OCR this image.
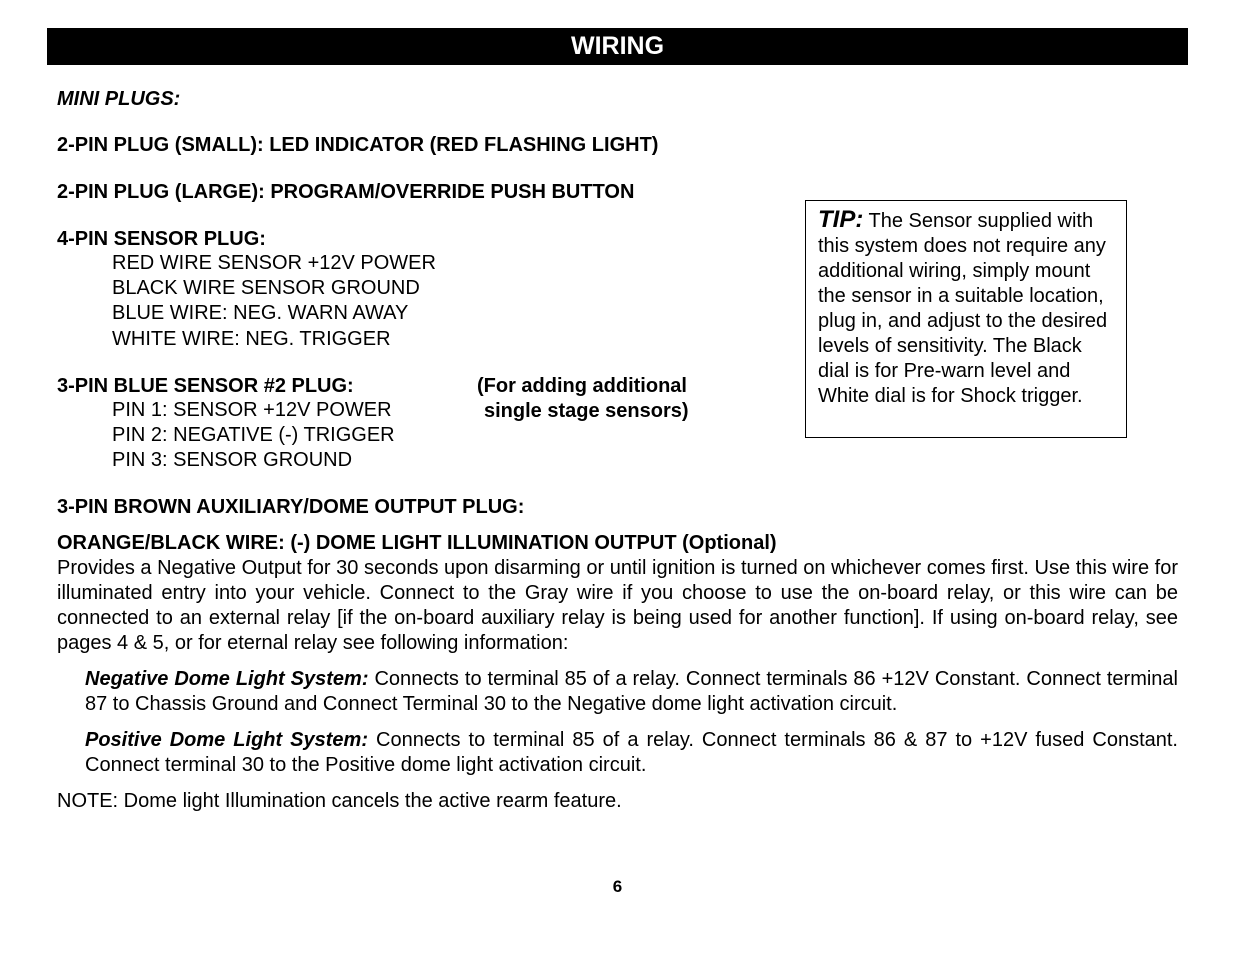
WIRING
MINI PLUGS:
2-PIN PLUG (SMALL): LED INDICATOR (RED FLASHING LIGHT)
2-PIN PLUG (LARGE): PROGRAM/OVERRIDE PUSH BUTTON
4-PIN SENSOR PLUG:
RED WIRE SENSOR +12V POWER
BLACK WIRE SENSOR GROUND
BLUE WIRE: NEG. WARN AWAY
WHITE WIRE: NEG. TRIGGER
3-PIN BLUE SENSOR #2 PLUG:	(For adding additional
single stage sensors)
PIN 1: SENSOR +12V POWER
PIN 2: NEGATIVE (-) TRIGGER
PIN 3: SENSOR GROUND
3-PIN BROWN AUXILIARY/DOME OUTPUT PLUG:
ORANGE/BLACK WIRE: (-) DOME LIGHT ILLUMINATION OUTPUT (Optional)

Provides a Negative Output for 30 seconds upon disarming or until ignition is turned on whichever comes first. Use this wire for illuminated entry into your vehicle. Connect to the Gray wire if you choose to use the on-board relay, or this wire can be connected to an external relay [if the on-board auxiliary relay is being used for another function]. If using on-board relay, see pages 4 & 5, or for eternal relay see following information:

Negative Dome Light System: Connects to terminal 85 of a relay. Connect terminals 86 +12V Constant. Connect terminal 87 to Chassis Ground and Connect Terminal 30 to the Negative dome light activation circuit.

Positive Dome Light System: Connects to terminal 85 of a relay. Connect terminals 86 & 87 to +12V fused Constant. Connect terminal 30 to the Positive dome light activation circuit.

NOTE: Dome light Illumination cancels the active rearm feature.
TIP: The Sensor supplied with this system does not require any additional wiring, simply mount the sensor in a suitable location, plug in, and adjust to the desired levels of sensitivity. The Black dial is for Pre-warn level and White dial is for Shock trigger.
6
